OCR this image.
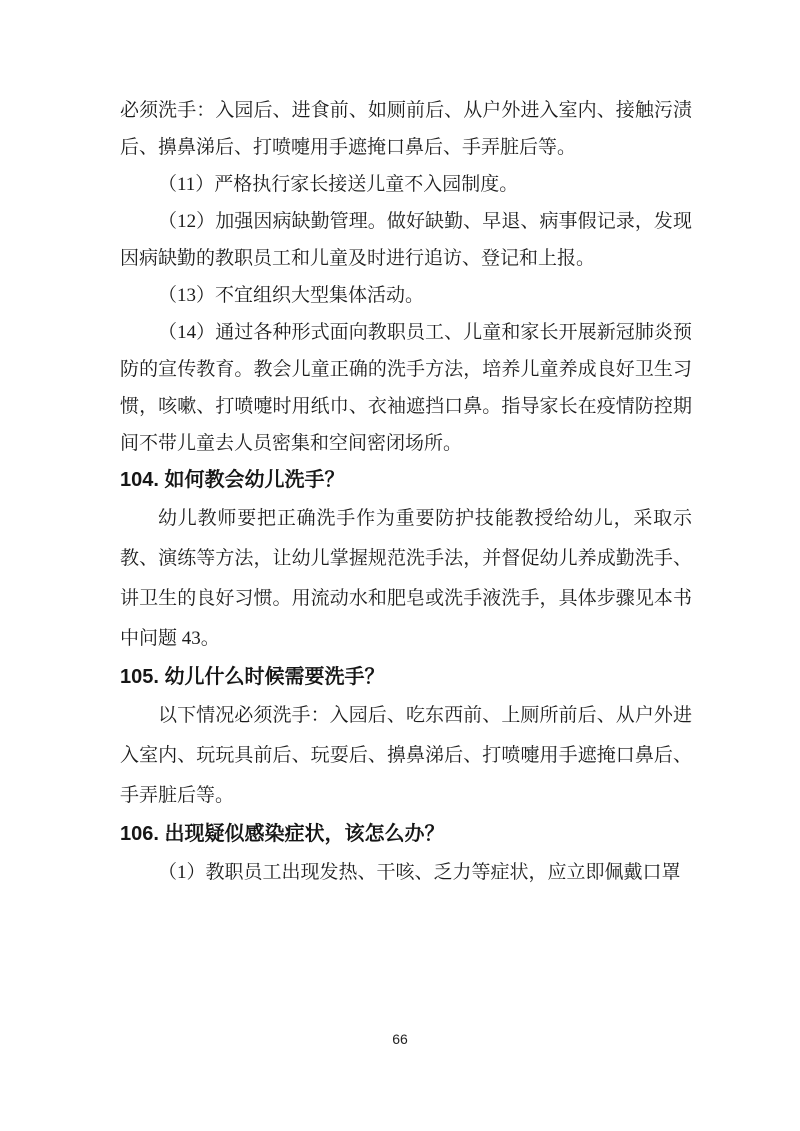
必须洗手：入园后、进食前、如厕前后、从户外进入室内、接触污渍后、擤鼻涕后、打喷嚏用手遮掩口鼻后、手弄脏后等。

（11）严格执行家长接送儿童不入园制度。

（12）加强因病缺勤管理。做好缺勤、早退、病事假记录，发现因病缺勤的教职员工和儿童及时进行追访、登记和上报。

（13）不宜组织大型集体活动。

（14）通过各种形式面向教职员工、儿童和家长开展新冠肺炎预防的宣传教育。教会儿童正确的洗手方法，培养儿童养成良好卫生习惯，咳嗽、打喷嚏时用纸巾、衣袖遮挡口鼻。指导家长在疫情防控期间不带儿童去人员密集和空间密闭场所。

104. 如何教会幼儿洗手？

幼儿教师要把正确洗手作为重要防护技能教授给幼儿，采取示教、演练等方法，让幼儿掌握规范洗手法，并督促幼儿养成勤洗手、讲卫生的良好习惯。用流动水和肥皂或洗手液洗手，具体步骤见本书中问题 43。

105. 幼儿什么时候需要洗手？

以下情况必须洗手：入园后、吃东西前、上厕所前后、从户外进入室内、玩玩具前后、玩耍后、擤鼻涕后、打喷嚏用手遮掩口鼻后、手弄脏后等。

106. 出现疑似感染症状，该怎么办？

（1）教职员工出现发热、干咳、乏力等症状，应立即佩戴口罩

66
